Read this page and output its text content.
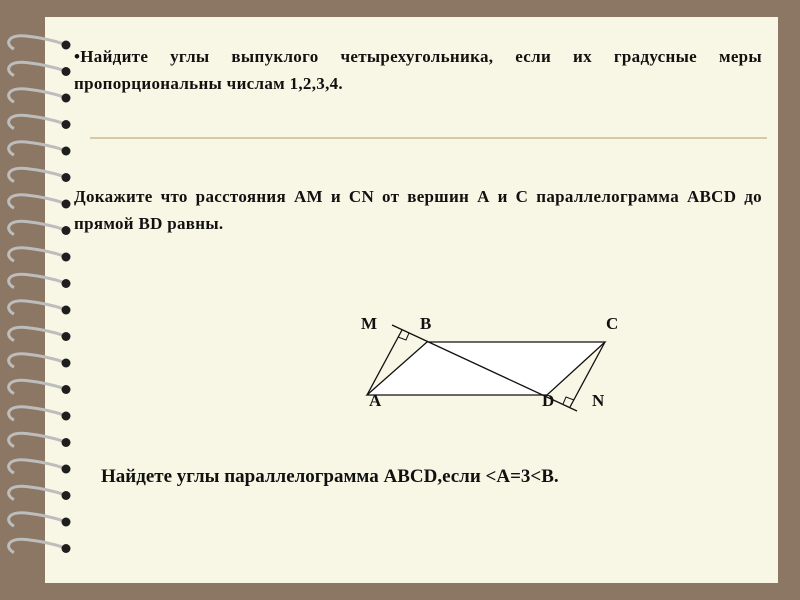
•Найдите углы выпуклого четырехугольника, если их градусные меры пропорциональны числам 1,2,3,4.
Докажите что расстояния АМ и CN от вершин А и С параллелограмма ABCD до прямой BD равны.
M	B	C
A	D N
Найдете углы параллелограмма ABCD,если <A=3<B.
